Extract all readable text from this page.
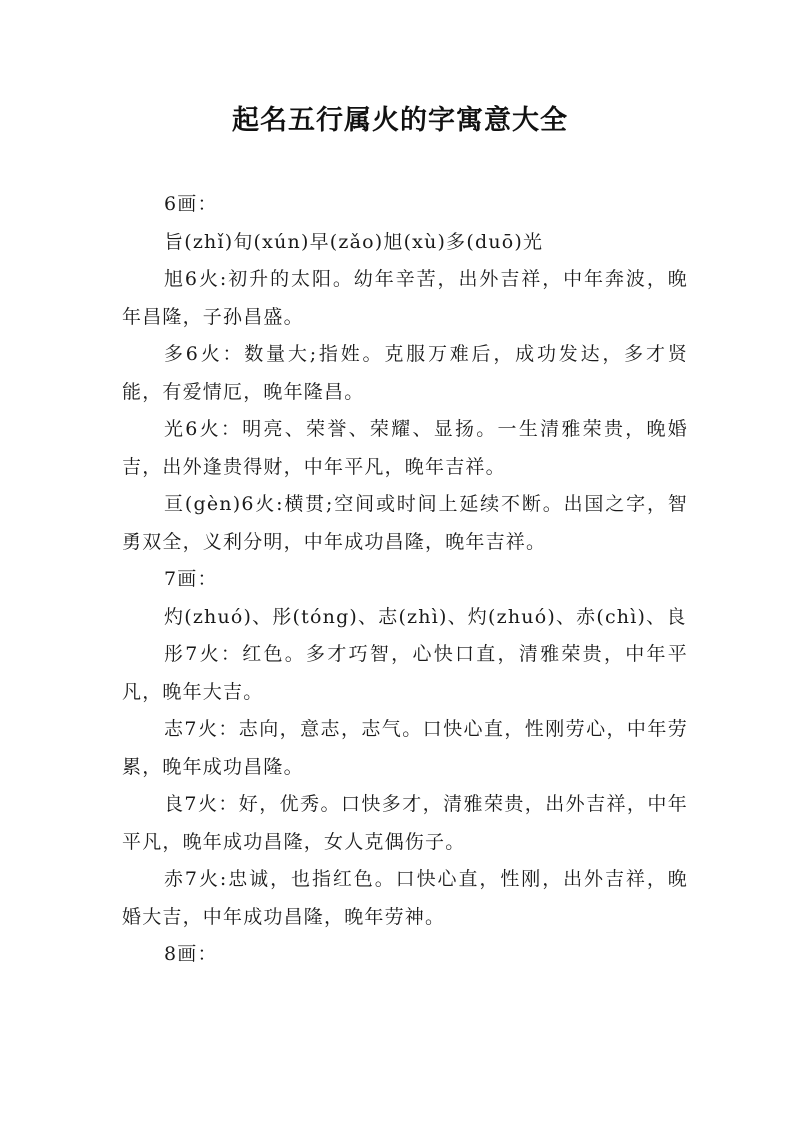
起名五行属火的字寓意大全

6画：

旨(zhǐ)旬(xún)早(zǎo)旭(xù)多(duō)光

旭6火:初升的太阳。幼年辛苦，出外吉祥，中年奔波，晚年昌隆，子孙昌盛。

多6火：数量大;指姓。克服万难后，成功发达，多才贤能，有爱情厄，晚年隆昌。

光6火：明亮、荣誉、荣耀、显扬。一生清雅荣贵，晚婚吉，出外逢贵得财，中年平凡，晚年吉祥。

亘(gèn)6火:横贯;空间或时间上延续不断。出国之字，智勇双全，义利分明，中年成功昌隆，晚年吉祥。

7画：

灼(zhuó)、彤(tóng)、志(zhì)、灼(zhuó)、赤(chì)、良

彤7火：红色。多才巧智，心快口直，清雅荣贵，中年平凡，晚年大吉。

志7火：志向，意志，志气。口快心直，性刚劳心，中年劳累，晚年成功昌隆。

良7火：好，优秀。口快多才，清雅荣贵，出外吉祥，中年平凡，晚年成功昌隆，女人克偶伤子。

赤7火:忠诚，也指红色。口快心直，性刚，出外吉祥，晚婚大吉，中年成功昌隆，晚年劳神。

8画：
